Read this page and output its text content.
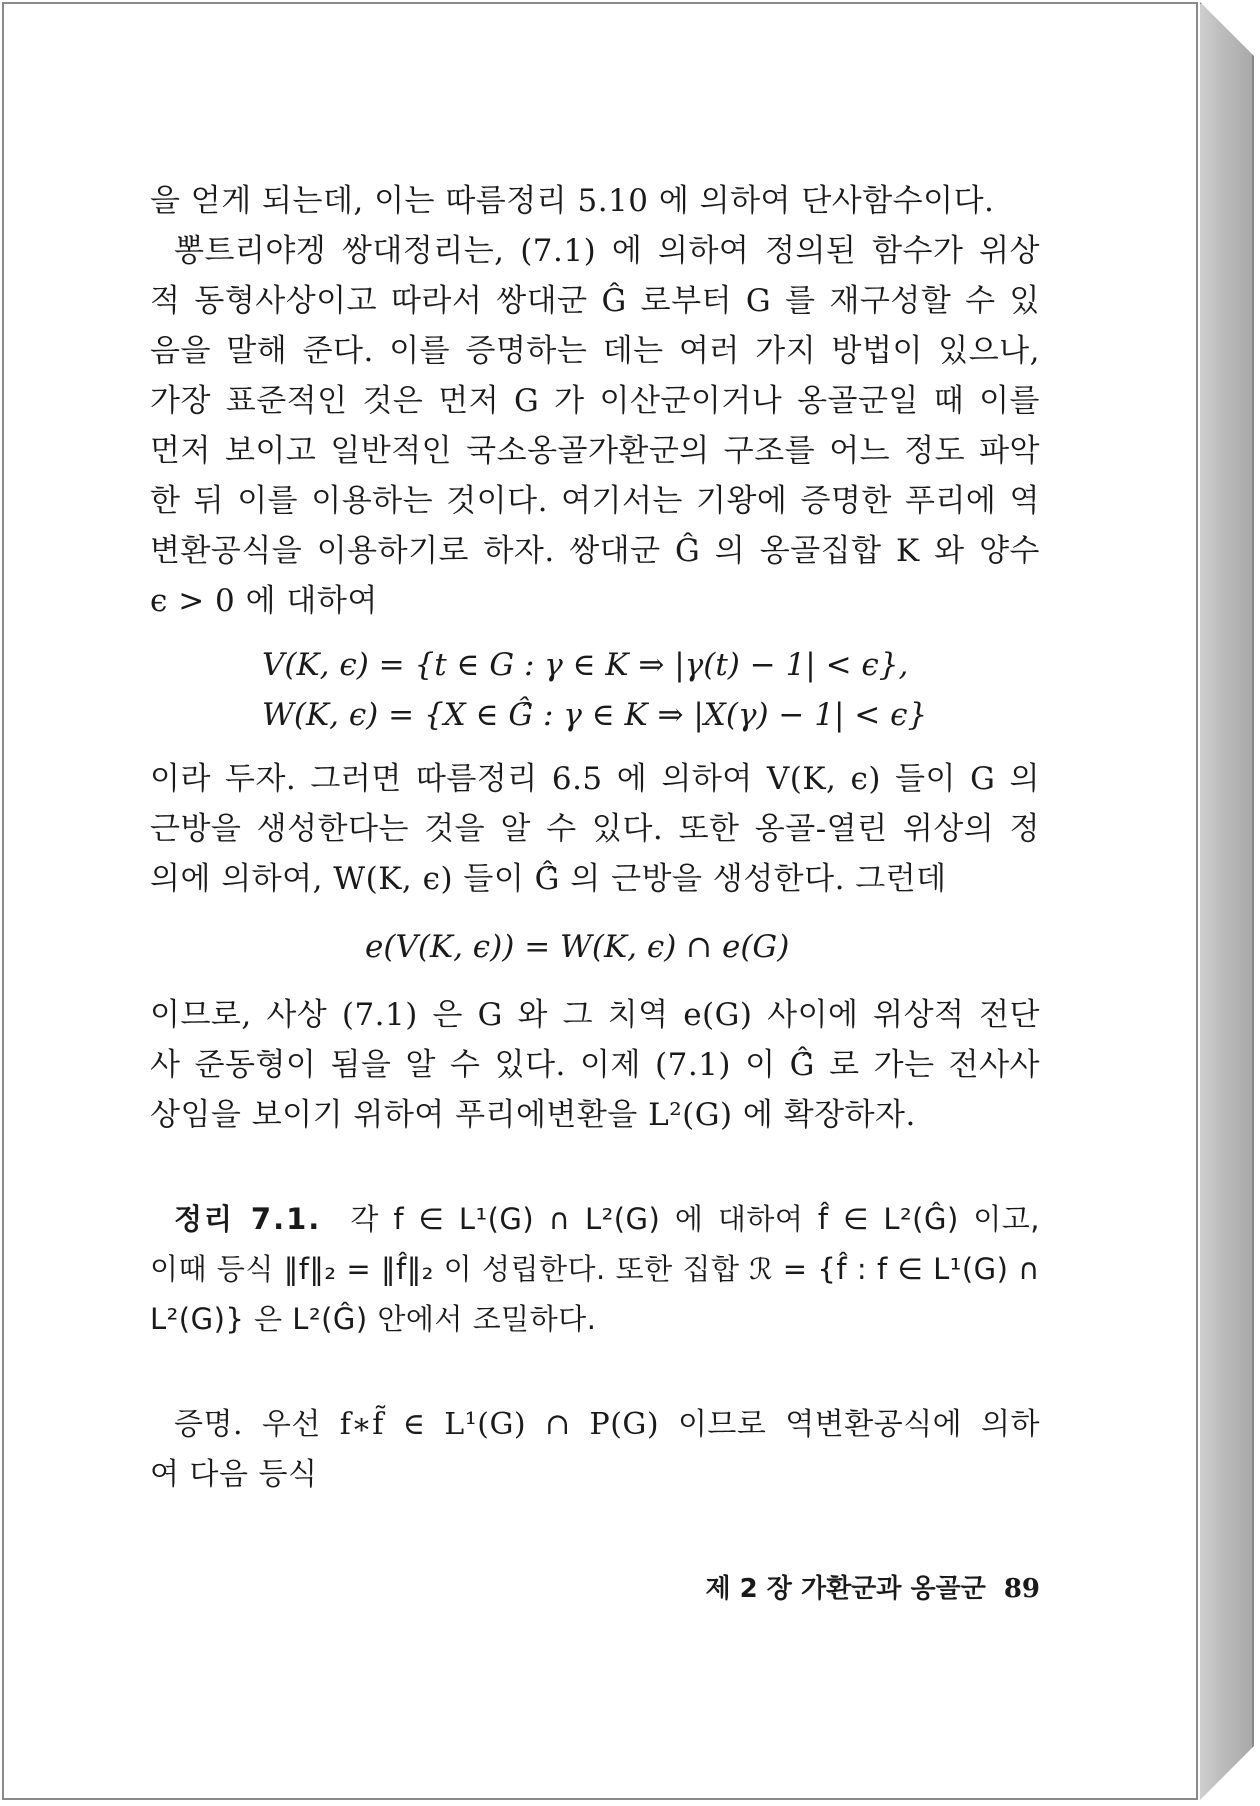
을 얻게 되는데, 이는 따름정리 5.10 에 의하여 단사함수이다.
뽕트리야겡 쌍대정리는, (7.1) 에 의하여 정의된 함수가 위상
적 동형사상이고 따라서 쌍대군 Ĝ 로부터 G 를 재구성할 수 있
음을 말해 준다. 이를 증명하는 데는 여러 가지 방법이 있으나,
가장 표준적인 것은 먼저 G 가 이산군이거나 옹골군일 때 이를
먼저 보이고 일반적인 국소옹골가환군의 구조를 어느 정도 파악
한 뒤 이를 이용하는 것이다. 여기서는 기왕에 증명한 푸리에 역
변환공식을 이용하기로 하자. 쌍대군 Ĝ 의 옹골집합 K 와 양수
ϵ > 0 에 대하여
V(K, ϵ) = {t ∈ G : γ ∈ K ⇒ |γ(t) − 1| < ϵ},
W(K, ϵ) = {X ∈ Ĝ̂ : γ ∈ K ⇒ |X(γ) − 1| < ϵ}
이라 두자. 그러면 따름정리 6.5 에 의하여 V(K, ϵ) 들이 G 의
근방을 생성한다는 것을 알 수 있다. 또한 옹골-열린 위상의 정
의에 의하여, W(K, ϵ) 들이 Ĝ̂ 의 근방을 생성한다. 그런데
e(V(K, ϵ)) = W(K, ϵ) ∩ e(G)
이므로, 사상 (7.1) 은 G 와 그 치역 e(G) 사이에 위상적 전단
사 준동형이 됨을 알 수 있다. 이제 (7.1) 이 Ĝ̂ 로 가는 전사사
상임을 보이기 위하여 푸리에변환을 L²(G) 에 확장하자.
정리 7.1. 각 f ∈ L¹(G) ∩ L²(G) 에 대하여 f̂ ∈ L²(Ĝ) 이고,
이때 등식 ‖f‖₂ = ‖f̂‖₂ 이 성립한다. 또한 집합 ℛ = {f̂ : f ∈ L¹(G) ∩
L²(G)} 은 L²(Ĝ) 안에서 조밀하다.
증명. 우선 f∗f̃ ∈ L¹(G) ∩ P(G) 이므로 역변환공식에 의하
여 다음 등식
제 2 장 가환군과 옹골군 89
